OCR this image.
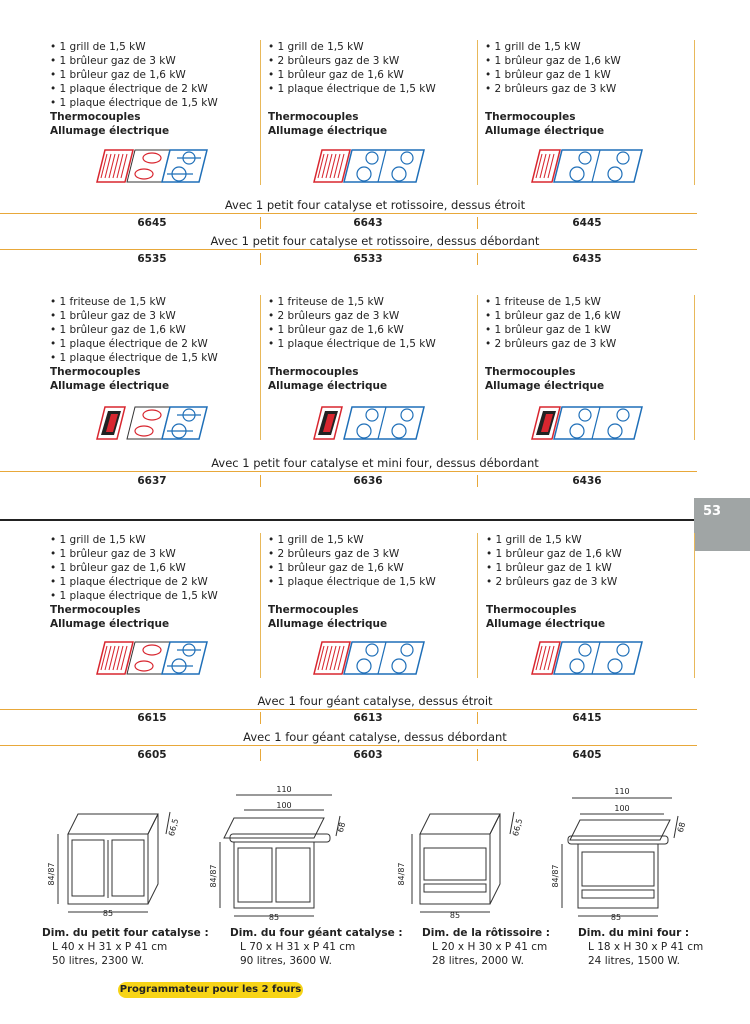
• 1 grill de 1,5 kW
• 1 brûleur gaz de 3 kW
• 1 brûleur gaz de 1,6 kW
• 1 plaque électrique de 2 kW
• 1 plaque électrique de 1,5 kW
Thermocouples
Allumage électrique
• 1 grill de 1,5 kW
• 2 brûleurs gaz de 3 kW
• 1 brûleur gaz de 1,6 kW
• 1 plaque électrique de 1,5 kW
Thermocouples
Allumage électrique
• 1 grill de 1,5 kW
• 1 brûleur gaz de 1,6 kW
• 1 brûleur gaz de 1 kW
• 2 brûleurs gaz de 3 kW
Thermocouples
Allumage électrique
Avec 1 petit four catalyse et rotissoire, dessus étroit
6645	6643	6445
Avec 1 petit four catalyse et rotissoire, dessus débordant
6535	6533	6435
• 1 friteuse de 1,5 kW
• 1 brûleur gaz de 3 kW
• 1 brûleur gaz de 1,6 kW
• 1 plaque électrique de 2 kW
• 1 plaque électrique de 1,5 kW
Thermocouples
Allumage électrique
• 1 friteuse de 1,5 kW
• 2 brûleurs gaz de 3 kW
• 1 brûleur gaz de 1,6 kW
• 1 plaque électrique de 1,5 kW
Thermocouples
Allumage électrique
• 1 friteuse de 1,5 kW
• 1 brûleur gaz de 1,6 kW
• 1 brûleur gaz de 1 kW
• 2 brûleurs gaz de 3 kW
Thermocouples
Allumage électrique
Avec 1 petit four catalyse et mini four, dessus débordant
6637	6636	6436
53
• 1 grill de 1,5 kW
• 1 brûleur gaz de 3 kW
• 1 brûleur gaz de 1,6 kW
• 1 plaque électrique de 2 kW
• 1 plaque électrique de 1,5 kW
Thermocouples
Allumage électrique
• 1 grill de 1,5 kW
• 2 brûleurs gaz de 3 kW
• 1 brûleur gaz de 1,6 kW
• 1 plaque électrique de 1,5 kW
Thermocouples
Allumage électrique
• 1 grill de 1,5 kW
• 1 brûleur gaz de 1,6 kW
• 1 brûleur gaz de 1 kW
• 2 brûleurs gaz de 3 kW
Thermocouples
Allumage électrique
Avec 1 four géant catalyse, dessus étroit
6615	6613	6415
Avec 1 four géant catalyse, dessus débordant
6605	6603	6405
84/87
85
66,5
110
100
84/87
85
68
84/87
85
66,5
110
100
84/87
85
68
Dim. du petit four catalyse :
L 40 x H 31 x P 41 cm
50 litres, 2300 W.
Dim. du four géant catalyse :
L 70 x H 31 x P 41 cm
90 litres, 3600 W.
Dim. de la rôtissoire :
L 20 x H 30 x P 41 cm
28 litres, 2000 W.
Dim. du mini four :
L 18 x H 30 x P 41 cm
24 litres, 1500 W.
Programmateur pour les 2 fours
